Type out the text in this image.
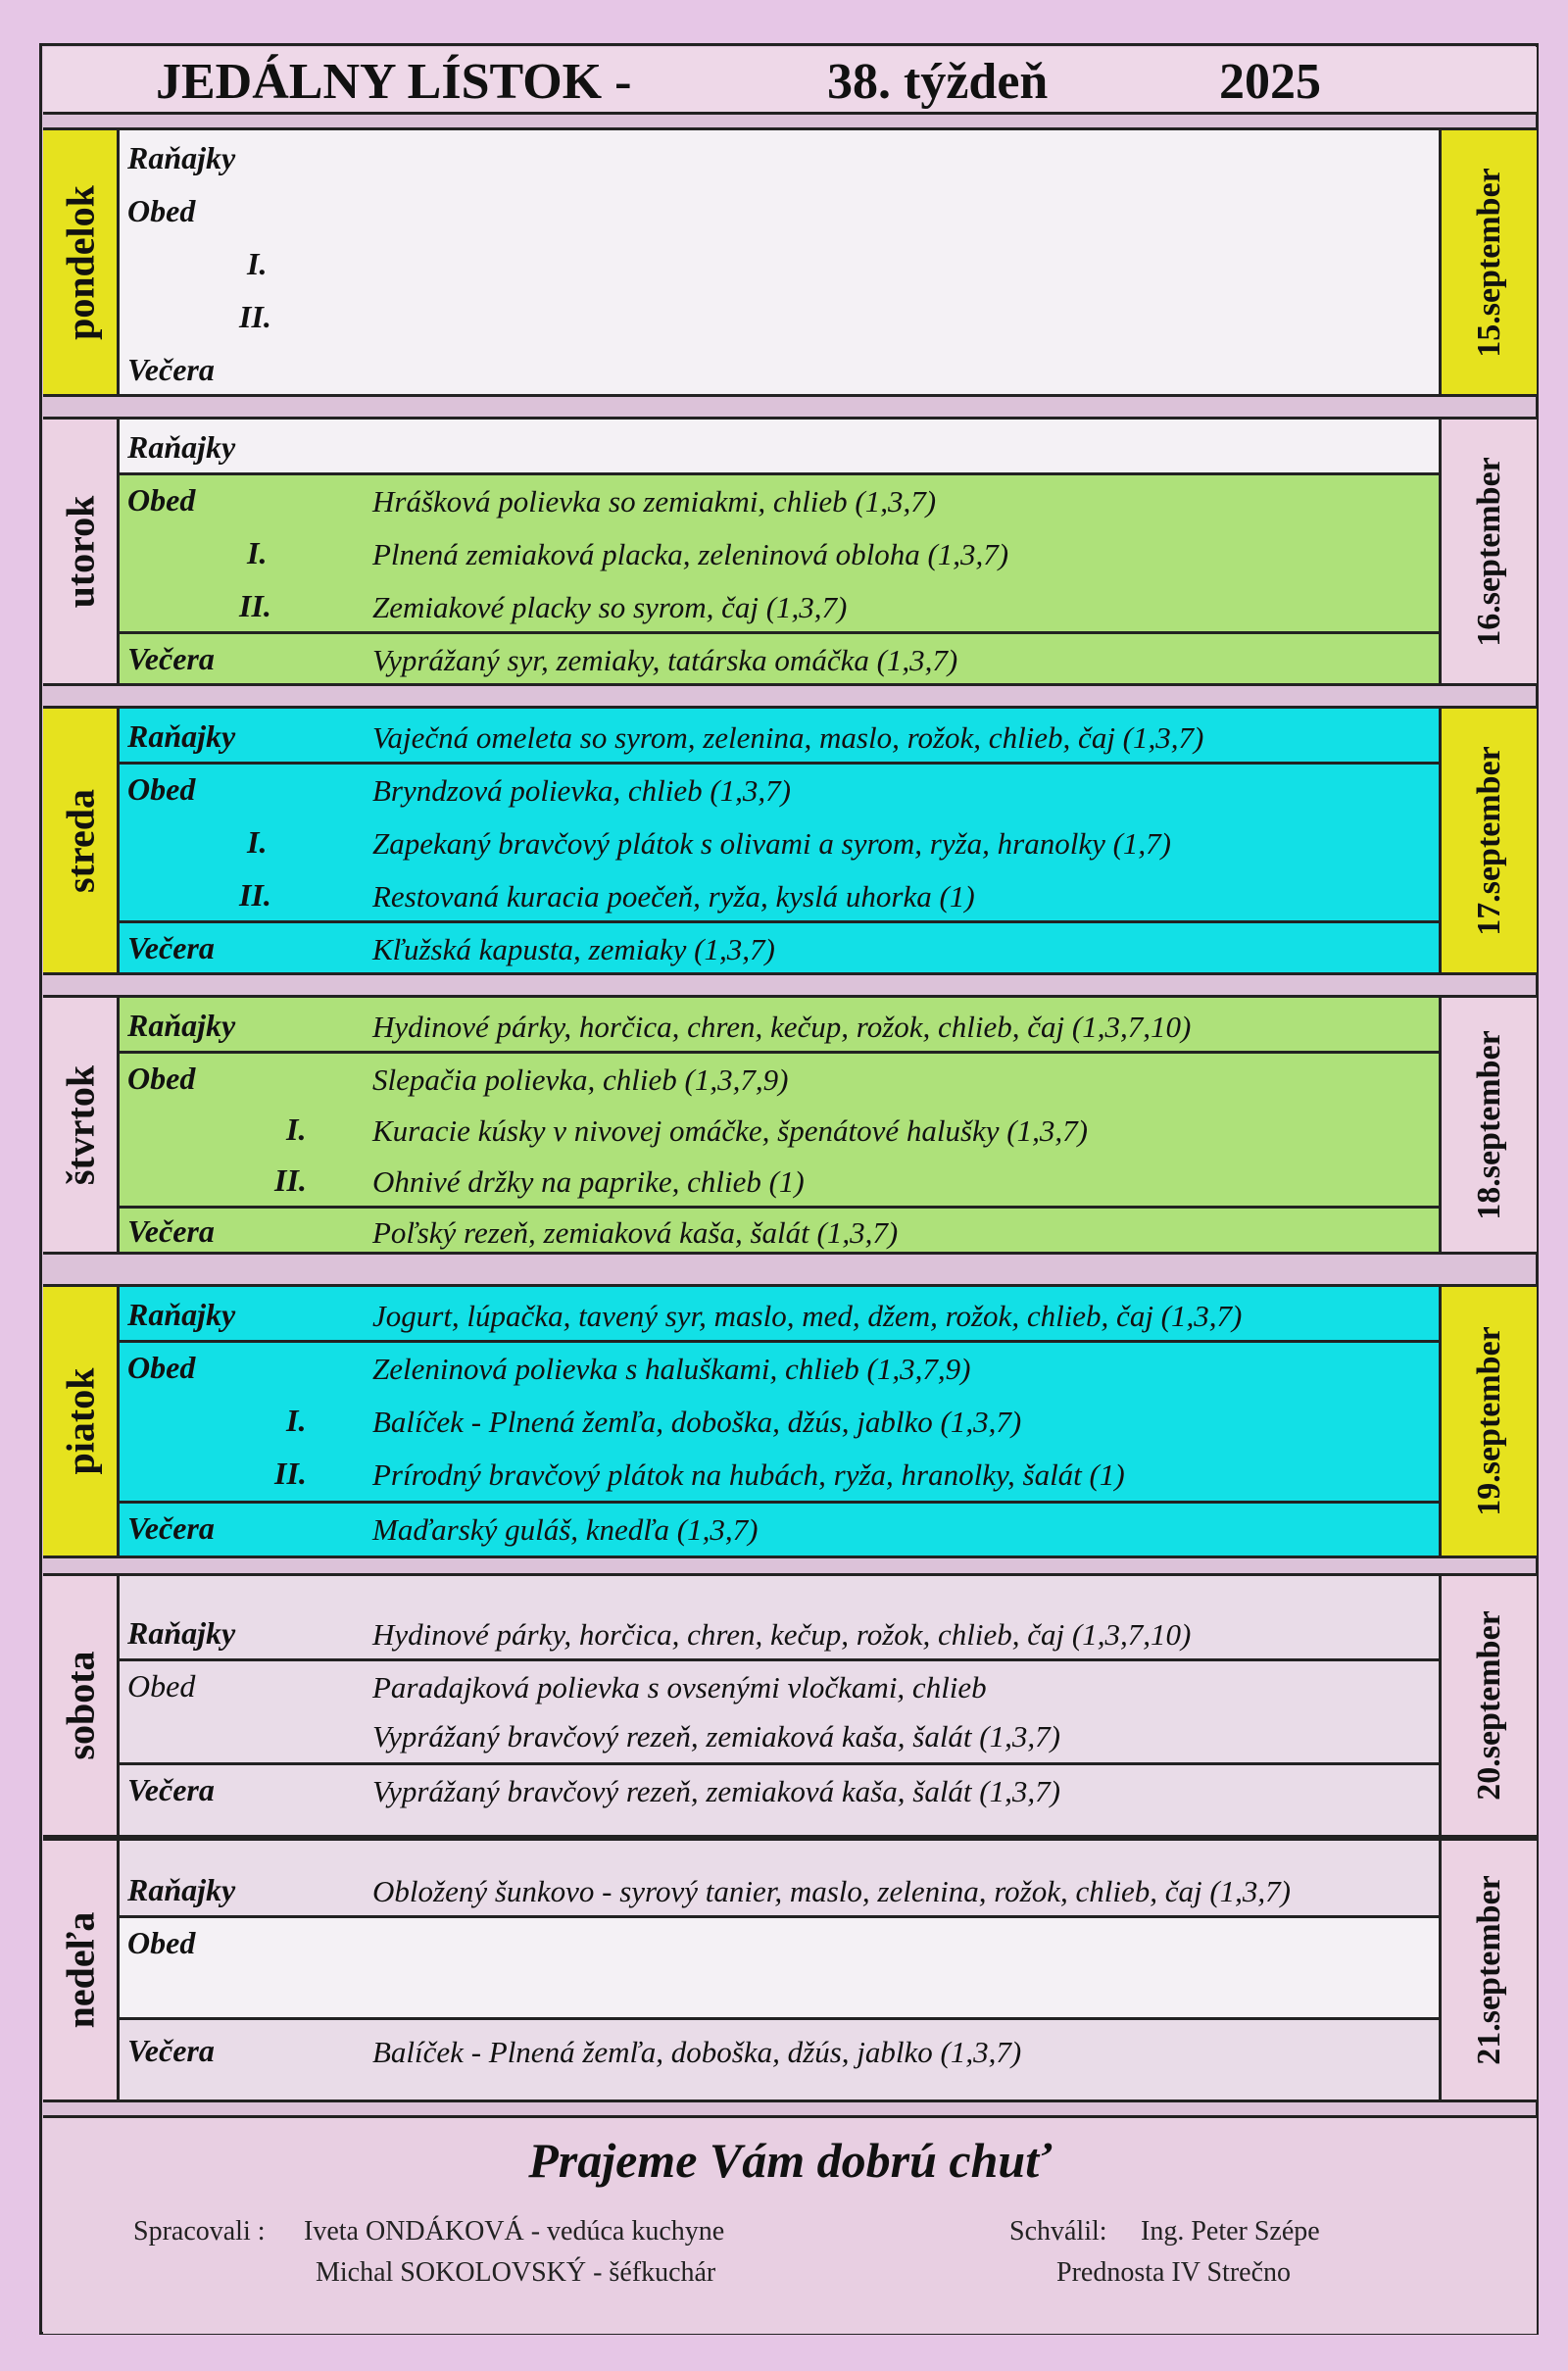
JEDÁLNY LÍSTOK -	38. týždeň	2025
pondelok
Raňajky
Obed
I.
II.
Večera
15.september
utorok
Raňajky
Obed	Hrášková polievka so zemiakmi, chlieb (1,3,7)
I.	Plnená zemiaková placka, zeleninová obloha (1,3,7)
II.	Zemiakové placky so syrom, čaj (1,3,7)
Večera	Vyprážaný syr, zemiaky, tatárska omáčka (1,3,7)
16.september
streda
Raňajky	Vaječná omeleta so syrom, zelenina, maslo, rožok, chlieb, čaj (1,3,7)
Obed	Bryndzová polievka, chlieb (1,3,7)
I.	Zapekaný bravčový plátok s olivami a syrom, ryža, hranolky (1,7)
II.	Restovaná kuracia poečeň, ryža, kyslá uhorka (1)
Večera	Kľužská kapusta, zemiaky (1,3,7)
17.september
štvrtok
Raňajky	Hydinové párky, horčica, chren, kečup, rožok, chlieb, čaj (1,3,7,10)
Obed	Slepačia polievka, chlieb (1,3,7,9)
I. Kuracie kúsky v nivovej omáčke, špenátové halušky (1,3,7)
II. Ohnivé držky na paprike, chlieb (1)
Večera	Poľský rezeň, zemiaková kaša, šalát (1,3,7)
18.september
piatok
Raňajky	Jogurt, lúpačka, tavený syr, maslo, med, džem, rožok, chlieb, čaj (1,3,7)
Obed	Zeleninová polievka s haluškami, chlieb (1,3,7,9)
I. Balíček - Plnená žemľa, doboška, džús, jablko (1,3,7)
II. Prírodný bravčový plátok na hubách, ryža, hranolky, šalát (1)
Večera	Maďarský guláš, knedľa (1,3,7)
19.september
sobota
Raňajky	Hydinové párky, horčica, chren, kečup, rožok, chlieb, čaj (1,3,7,10)
Obed	Paradajková polievka s ovsenými vločkami, chlieb
Vyprážaný bravčový rezeň, zemiaková kaša, šalát (1,3,7)
Večera	Vyprážaný bravčový rezeň, zemiaková kaša, šalát (1,3,7)	20.september
nedeľa
Raňajky	Obložený šunkovo - syrový tanier, maslo, zelenina, rožok, chlieb, čaj (1,3,7)
Obed
Večera	Balíček - Plnená žemľa, doboška, džús, jablko (1,3,7)	21.september
Prajeme Vám dobrú chuť
Spracovali : Iveta ONDÁKOVÁ - vedúca kuchyne
Michal SOKOLOVSKÝ - šéfkuchár
Schválil: Ing. Peter Szépe
Prednosta IV Strečno
